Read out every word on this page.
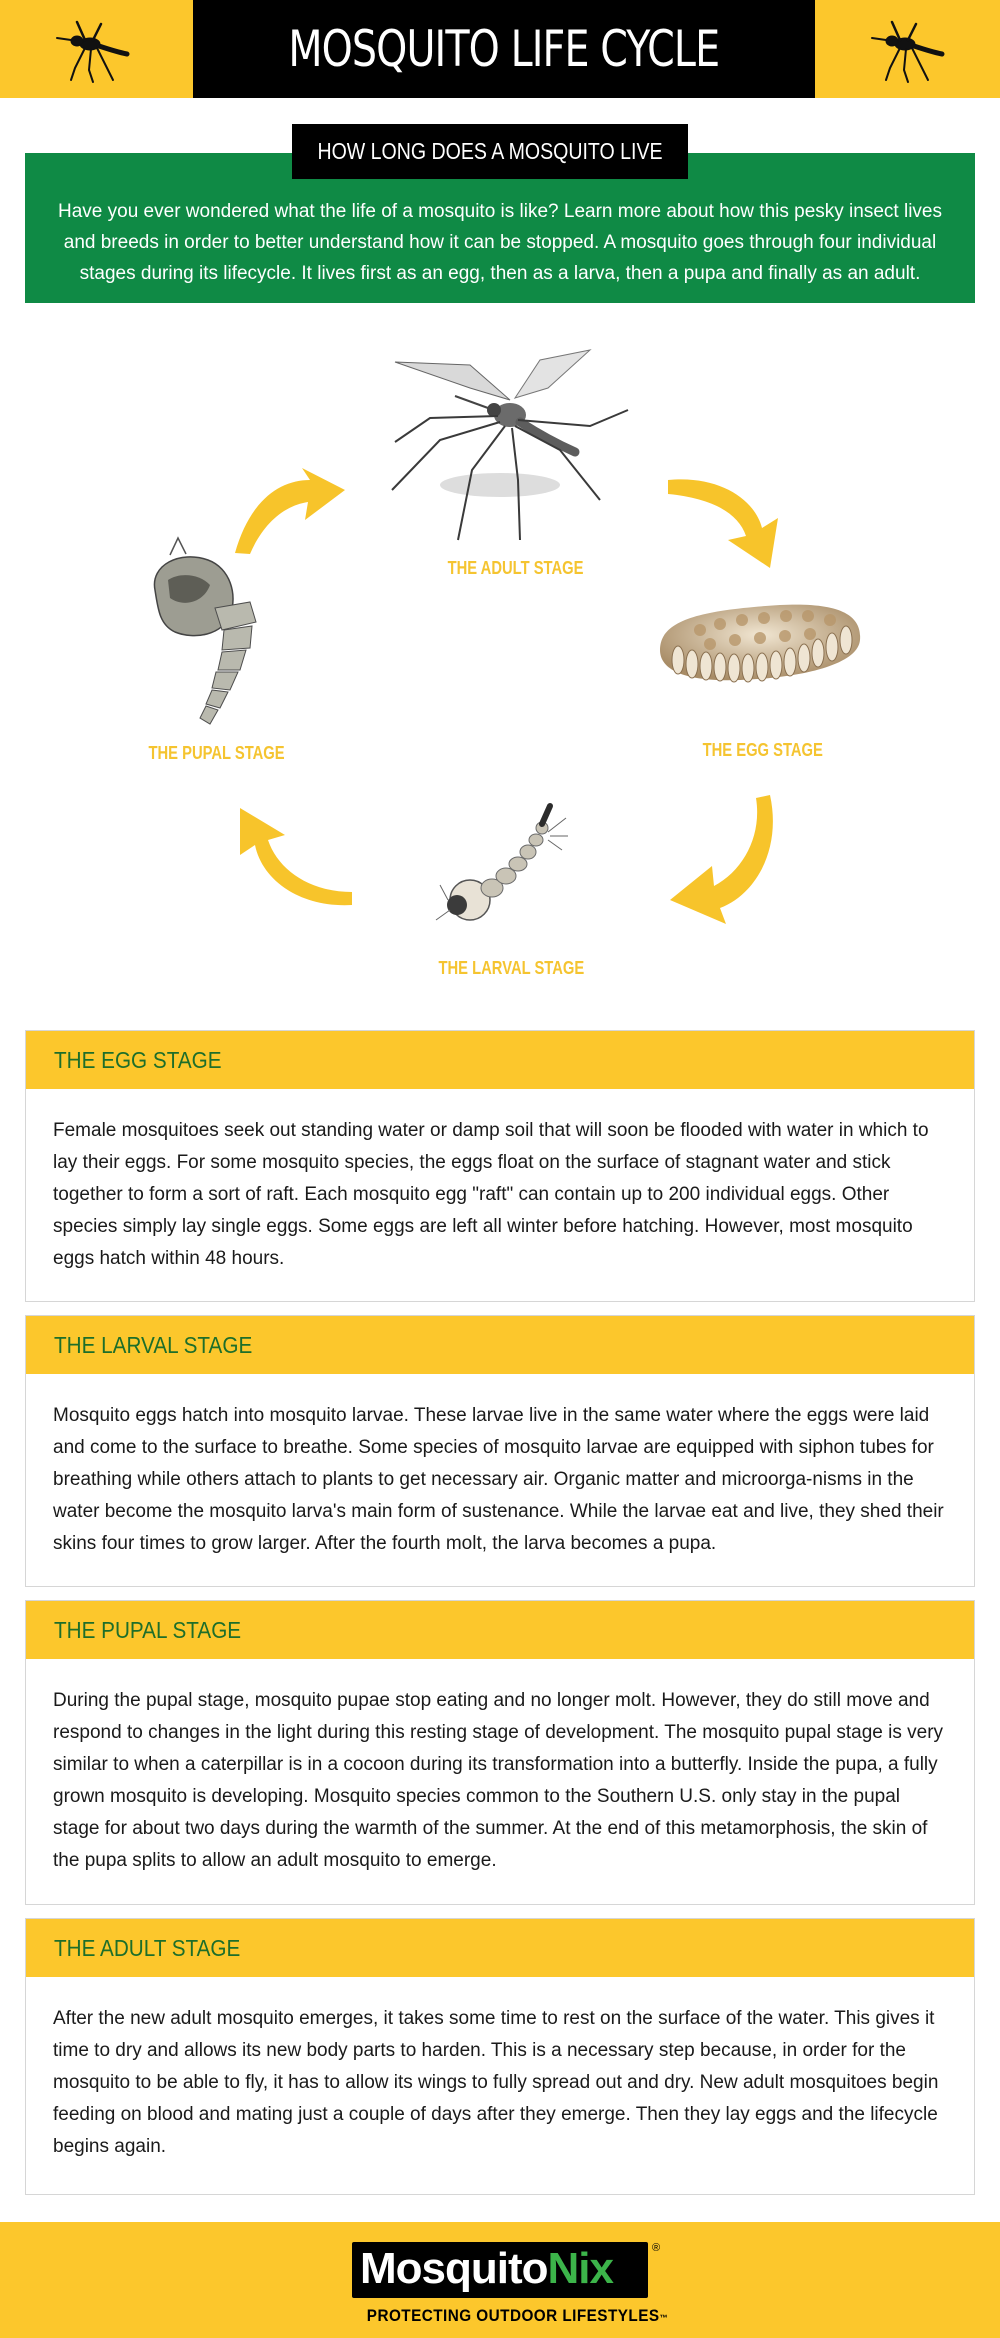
MOSQUITO LIFE CYCLE
HOW LONG DOES A MOSQUITO LIVE
Have you ever wondered what the life of a mosquito is like? Learn more about how this pesky insect lives and breeds in order to better understand how it can be stopped. A mosquito goes through four individual stages during its lifecycle. It lives first as an egg, then as a larva, then a pupa and finally as an adult.
THE ADULT STAGE
THE EGG STAGE
THE LARVAL STAGE
THE PUPAL STAGE
THE EGG STAGE
Female mosquitoes seek out standing water or damp soil that will soon be flooded with water in which to lay their eggs. For some mosquito species, the eggs float on the surface of stagnant water and stick together to form a sort of raft. Each mosquito egg "raft" can contain up to 200 individual eggs. Other species simply lay single eggs. Some eggs are left all winter before hatching. However, most mosquito eggs hatch within 48 hours.
THE LARVAL STAGE
Mosquito eggs hatch into mosquito larvae. These larvae live in the same water where the eggs were laid and come to the surface to breathe. Some species of mosquito larvae are equipped with siphon tubes for breathing while others attach to plants to get necessary air. Organic matter and microorga-nisms in the water become the mosquito larva's main form of sustenance. While the larvae eat and live, they shed their skins four times to grow larger. After the fourth molt, the larva becomes a pupa.
THE PUPAL STAGE
During the pupal stage, mosquito pupae stop eating and no longer molt. However, they do still move and respond to changes in the light during this resting stage of development. The mosquito pupal stage is very similar to when a caterpillar is in a cocoon during its transformation into a butterfly. Inside the pupa, a fully grown mosquito is developing. Mosquito species common to the Southern U.S. only stay in the pupal stage for about two days during the warmth of the summer. At the end of this metamorphosis, the skin of the pupa splits to allow an adult mosquito to emerge.
THE ADULT STAGE
After the new adult mosquito emerges, it takes some time to rest on the surface of the water. This gives it time to dry and allows its new body parts to harden. This is a necessary step because, in order for the mosquito to be able to fly, it has to allow its wings to fully spread out and dry. New adult mosquitoes begin feeding on blood and mating just a couple of days after they emerge. Then they lay eggs and the lifecycle begins again.
MosquitoNix	®
PROTECTING OUTDOOR LIFESTYLES™
